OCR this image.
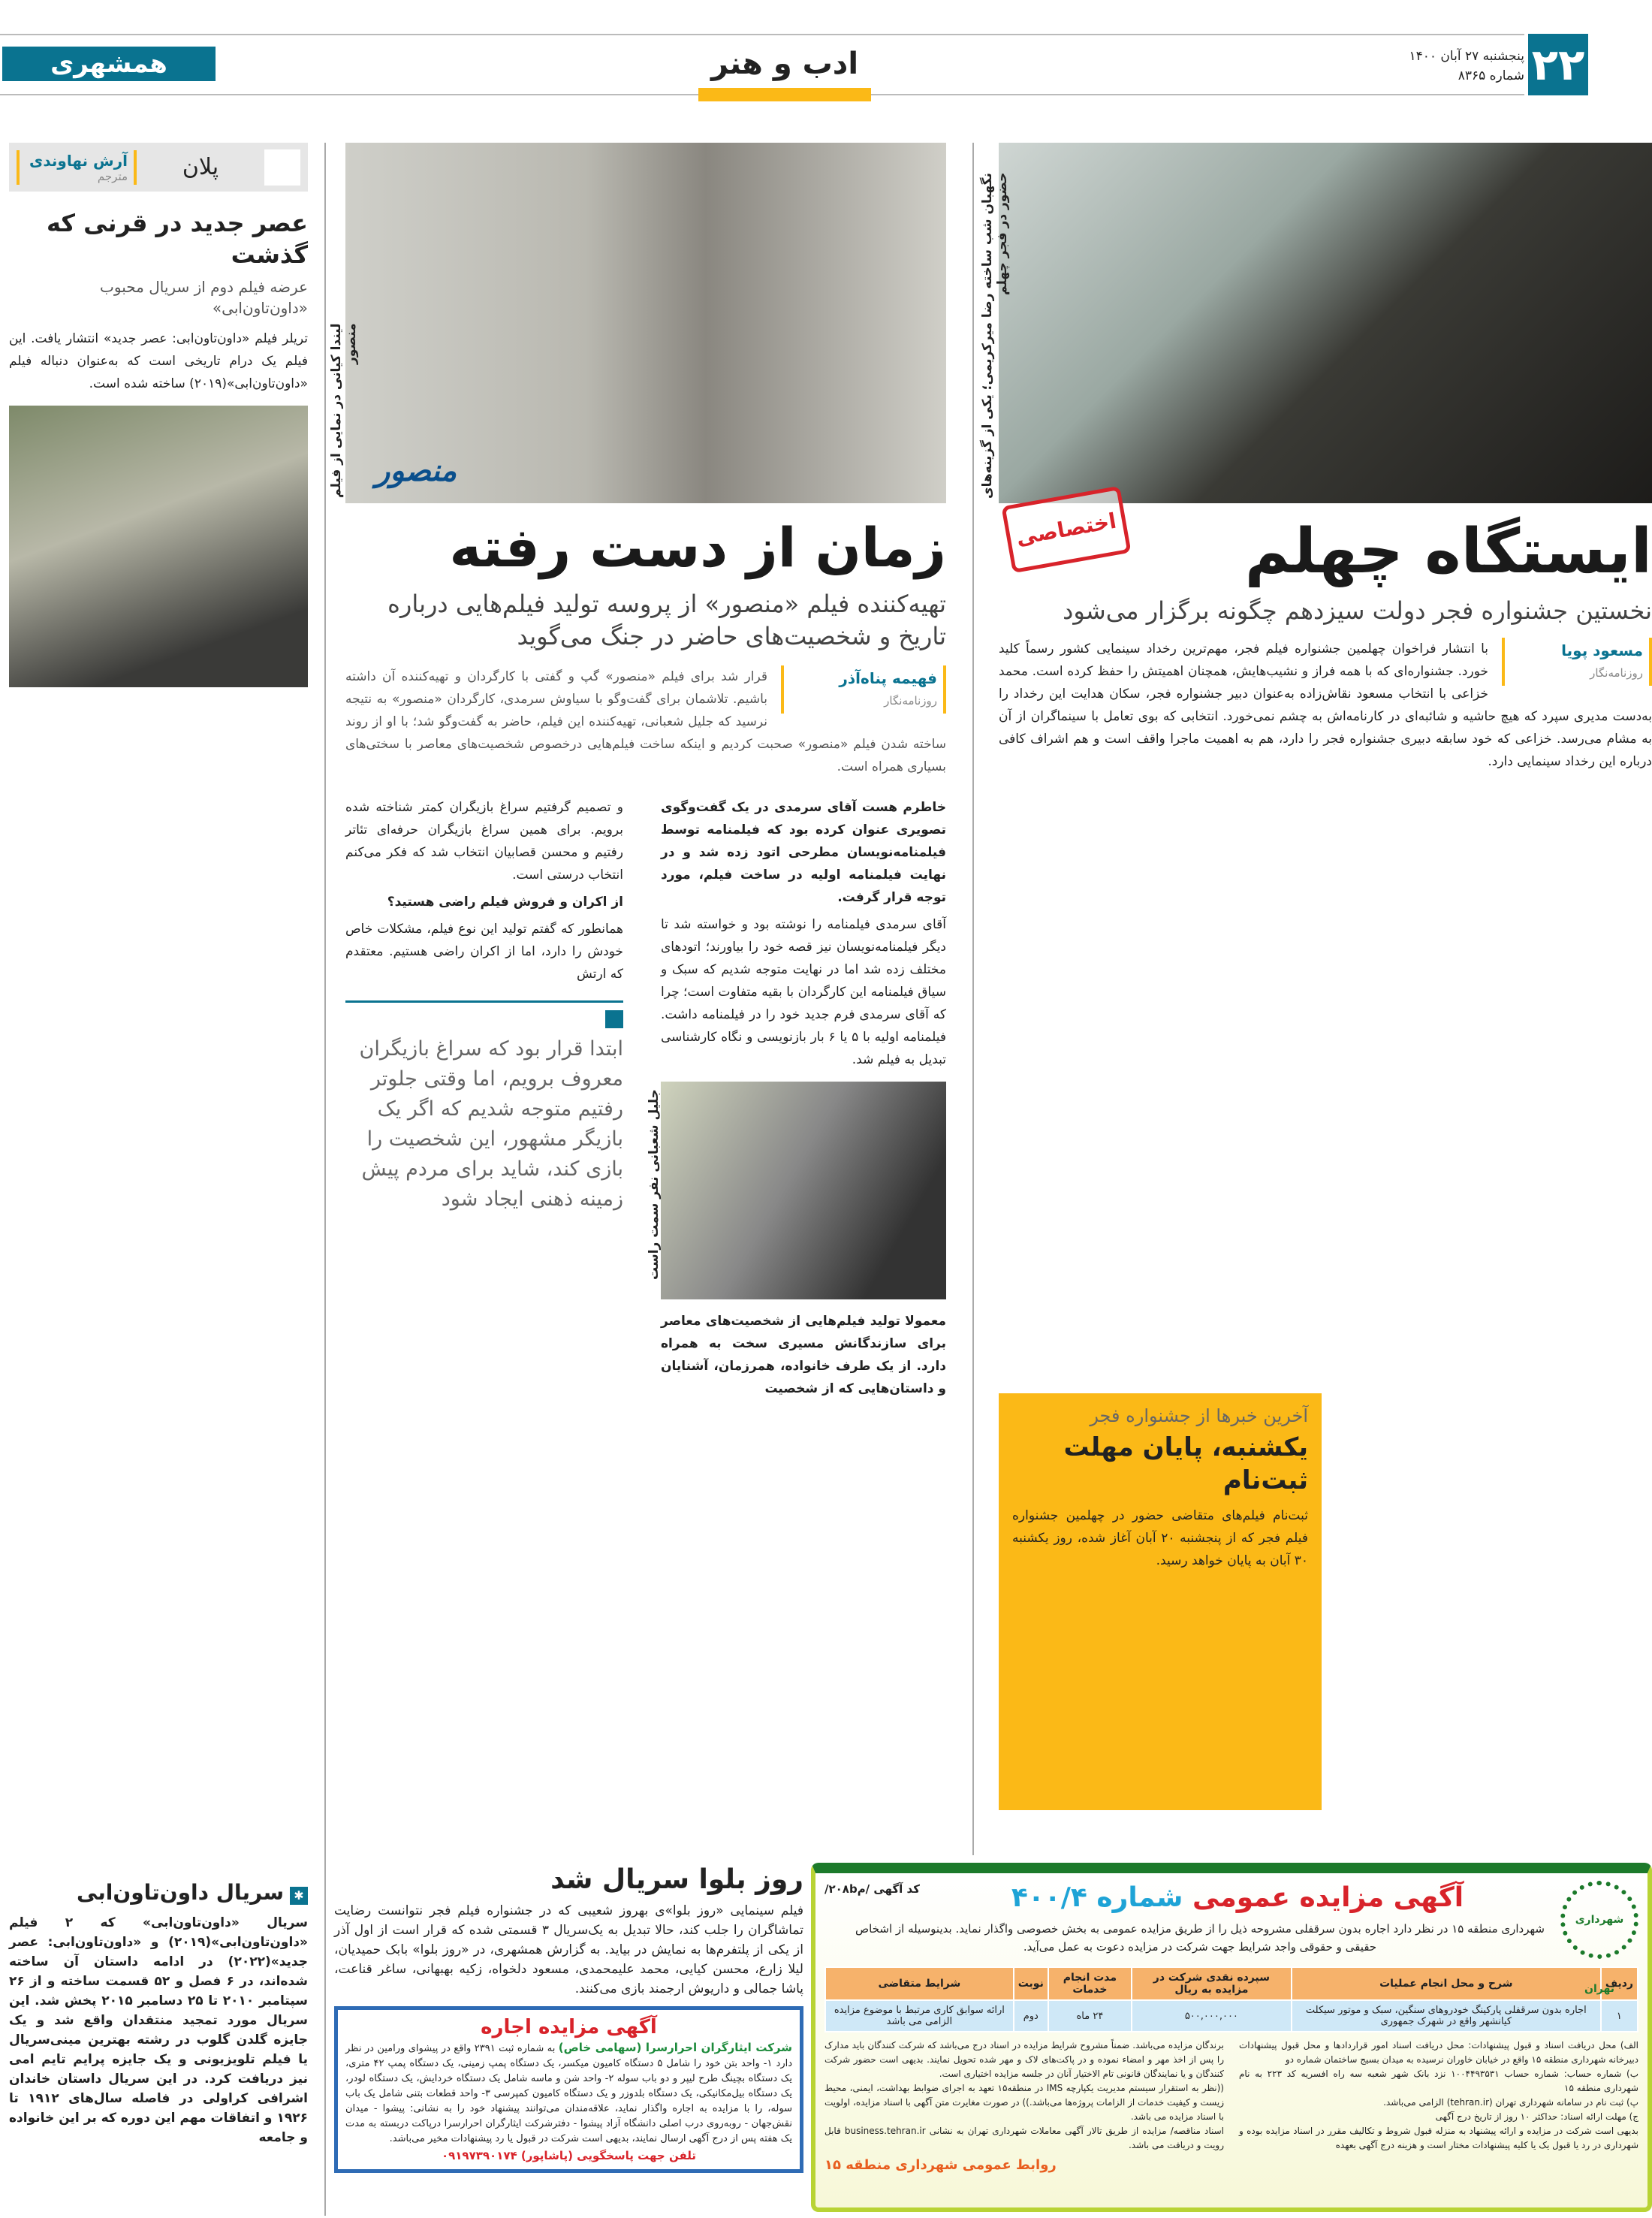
۲۲
پنجشنبه ۲۷ آبان ۱۴۰۰
شماره ۸۳۶۵
ادب و هنر
همشهری
نگهبان شب ساخته رضا میرکریمی؛ یکی از گزینه‌های حضور در فجر چهلم
ایستگاه چهلم
نخستین جشنواره فجر دولت سیزدهم چگونه برگزار می‌شود
مسعود پویا
روزنامه‌نگار
با انتشار فراخوان چهلمین جشنواره فیلم فجر، مهم‌ترین رخداد سینمایی کشور رسماً کلید خورد. جشنواره‌ای که با همه فراز و نشیب‌هایش، همچنان اهمیتش را حفظ کرده است. محمد خزاعی با انتخاب مسعود نقاش‌زاده به‌عنوان دبیر جشنواره فجر، سکان هدایت این رخداد را به‌دست مدیری سپرد که هیچ حاشیه و شائبه‌ای در کارنامه‌اش به چشم نمی‌خورد. انتخابی که بوی تعامل با سینماگران از آن به مشام می‌رسد. خزاعی که خود سابقه دبیری جشنواره فجر را دارد، هم به اهمیت ماجرا واقف است و هم اشراف کافی درباره این رخداد سینمایی دارد.
اختصاصی
آخرین خبرها از جشنواره فجر
یکشنبه، پایان مهلت ثبت‌نام
ثبت‌نام فیلم‌های متقاضی حضور در چهلمین جشنواره فیلم فجر که از پنجشنبه ۲۰ آبان آغاز شده، روز یکشنبه ۳۰ آبان به پایان خواهد رسید.
منصور
لیندا کیانی در نمایی از فیلم منصور
زمان از دست رفته
تهیه‌کننده فیلم «منصور» از پروسه تولید فیلم‌هایی درباره تاریخ و شخصیت‌های حاضر در جنگ می‌گوید
فهیمه پناه‌آذر
روزنامه‌نگار
قرار شد برای فیلم «منصور» گپ و گفتی با کارگردان و تهیه‌کننده آن داشته باشیم. تلاشمان برای گفت‌وگو با سیاوش سرمدی، کارگردان «منصور» به نتیجه نرسید که جلیل شعبانی، تهیه‌کننده این فیلم، حاضر به گفت‌وگو شد؛ با او از روند ساخته شدن فیلم «منصور» صحبت کردیم و اینکه ساخت فیلم‌هایی درخصوص شخصیت‌های معاصر با سختی‌های بسیاری همراه است.

خاطرم هست آقای سرمدی در یک گفت‌وگوی تصویری عنوان کرده بود که فیلمنامه توسط فیلمنامه‌نویسان مطرحی اتود زده شد و در نهایت فیلمنامه اولیه در ساخت فیلم، مورد توجه قرار گرفت.

آقای سرمدی فیلمنامه را نوشته بود و خواسته شد تا دیگر فیلمنامه‌نویسان نیز قصه خود را بیاورند؛ اتودهای مختلف زده شد اما در نهایت متوجه شدیم که سبک و سیاق فیلمنامه این کارگردان با بقیه متفاوت است؛ چرا که آقای سرمدی فرم جدید خود را در فیلمنامه داشت. فیلمنامه اولیه با ۵ یا ۶ بار بازنویسی و نگاه کارشناسی تبدیل به فیلم شد.

جلیل شعبانی نفر سمت راست

معمولا تولید فیلم‌هایی از شخصیت‌های معاصر برای سازندگانش مسیری سخت به همراه دارد. از یک طرف خانواده، همرزمان، آشنایان و داستان‌هایی که از شخصیت

و تصمیم گرفتیم سراغ بازیگران کمتر شناخته شده برویم. برای همین سراغ بازیگران حرفه‌ای تئاتر رفتیم و محسن قصابیان انتخاب شد که فکر می‌کنم انتخاب درستی است.

از اکران و فروش فیلم راضی هستید؟

همانطور که گفتم تولید این نوع فیلم، مشکلات خاص خودش را دارد، اما از اکران راضی هستیم. معتقدم که ارتش

ابتدا قرار بود که سراغ بازیگران معروف برویم، اما وقتی جلوتر رفتیم متوجه شدیم که اگر یک بازیگر مشهور، این شخصیت را بازی کند، شاید برای مردم پیش زمینه ذهنی ایجاد شود
پلان
آرش نهاوندی
مترجم
عصر جدید در قرنی که گذشت
عرضه فیلم دوم از سریال محبوب «داون‌تاون‌ابی»
تریلر فیلم «داون‌تاون‌ابی: عصر جدید» انتشار یافت. این فیلم یک درام تاریخی است که به‌عنوان دنباله فیلم «داون‌تاون‌ابی»(۲۰۱۹) ساخته شده است.
✱سریال داون‌تاون‌ابی
سریال «داون‌تاون‌ابی» که ۲ فیلم «داون‌تاون‌ابی»(۲۰۱۹) و «داون‌تاون‌ابی: عصر جدید»(۲۰۲۲) در ادامه داستان آن ساخته شده‌اند، در ۶ فصل و ۵۲ قسمت ساخته و از ۲۶ سپتامبر ۲۰۱۰ تا ۲۵ دسامبر ۲۰۱۵ پخش شد. این سریال مورد تمجید منتقدان واقع شد و یک جایزه گلدن گلوب در رشته بهترین مینی‌سریال یا فیلم تلویزیونی و یک جایزه پرایم تایم امی نیز دریافت کرد. در این سریال داستان خاندان اشرافی کراولی در فاصله سال‌های ۱۹۱۲ تا ۱۹۲۶ و اتفاقات مهم این دوره که بر این خانواده و جامعه
روز بلوا سریال شد
فیلم سینمایی «روز بلوا»ی بهروز شعیبی که در جشنواره فیلم فجر نتوانست رضایت تماشاگران را جلب کند، حالا تبدیل به یک‌سریال ۳ قسمتی شده که قرار است از اول آذر از یکی از پلتفرم‌ها به نمایش در بیاید. به گزارش همشهری، در «روز بلوا» بابک حمیدیان، لیلا زارع، محسن کیایی، محمد علیمحمدی، مسعود دلخواه، زکیه بهبهانی، ساغر قناعت، پاشا جمالی و داریوش ارجمند بازی می‌کنند.
آگهی مزایده اجاره
شرکت ایثارگران احرارسرا (سهامی خاص) به شماره ثبت ۲۳۹۱ واقع در پیشوای ورامین در نظر دارد ۱- واحد بتن خود را شامل ۵ دستگاه کامیون میکسر، یک دستگاه پمپ زمینی، یک دستگاه پمپ ۴۲ متری، یک دستگاه بچینگ طرح لیپر و دو باب سوله ۲- واحد شن و ماسه شامل یک دستگاه خردایش، یک دستگاه لودر، یک دستگاه بیل‌مکانیکی، یک دستگاه بلدوزر و یک دستگاه کامیون کمپرسی ۳- واحد قطعات بتنی شامل یک باب سوله، را با مزایده به اجاره واگذار نماید، علاقه‌مندان می‌توانند پیشنهاد خود را به نشانی: پیشوا - میدان نقش‌جهان - روبه‌روی درب اصلی دانشگاه آزاد پیشوا - دفترشرکت ایثارگران احرارسرا درپاکت دربسته به مدت یک هفته پس از درج آگهی ارسال نمایند، بدیهی است شرکت در قبول یا رد پیشنهادات مخیر می‌باشد.
تلفن جهت پاسخگویی (پاشاپور) ۰۹۱۹۷۳۹۰۱۷۴
شهرداری تهران
کد آگهی /م۲۰۸b/	آگهی مزایده عمومی شماره ۴۰۰/۴
شهرداری منطقه ۱۵ در نظر دارد اجاره بدون سرقفلی مشروحه ذیل را از طریق مزایده عمومی به بخش خصوصی واگذار نماید. بدینوسیله از اشخاص حقیقی و حقوقی واجد شرایط جهت شرکت در مزایده دعوت به عمل می‌آید.
ردیف	شرح و محل انجام عملیات	سپرده نقدی شرکت در مزایده به ریال	مدت انجام خدمات	نوبت	شرایط متقاضی
۱	اجاره بدون سرقفلی پارکینگ خودروهای سنگین، سبک و موتور سیکلت کیانشهر واقع در شهرک جمهوری	۵۰۰,۰۰۰,۰۰۰	۲۴ ماه	دوم	ارائه سوابق کاری مرتبط با موضوع مزایده الزامی می باشد

الف) محل دریافت اسناد و قبول پیشنهادات: محل دریافت اسناد امور قراردادها و محل قبول پیشنهادات دبیرخانه شهرداری منطقه ۱۵ واقع در خیابان خاوران نرسیده به میدان بسیج ساختمان شماره دو

ب) شماره حساب: شماره حساب ۱۰۰۴۴۹۳۵۳۱ نزد بانک شهر شعبه سه راه افسریه کد ۲۲۳ به نام شهرداری منطقه ۱۵

پ) ثبت نام در سامانه شهرداری تهران (tehran.ir) الزامی می‌باشد.

ج) مهلت ارائه اسناد: حداکثر ۱۰ روز از تاریخ درج آگهی

بدیهی است شرکت در مزایده و ارائه پیشنهاد به منزله قبول شروط و تکالیف مقرر در اسناد مزایده بوده و شهرداری در رد یا قبول یک یا کلیه پیشنهادات مختار است و هزینه درج آگهی بعهده

برندگان مزایده می‌باشد. ضمناً مشروح شرایط مزایده در اسناد درج می‌باشد که شرکت کنندگان باید مدارک را پس از اخذ مهر و امضاء نموده و در پاکت‌های لاک و مهر شده تحویل نمایند. بدیهی است حضور شرکت کنندگان و یا نمایندگان قانونی تام الاختیار آنان در جلسه مزایده اختیاری است.

((نظر به استقرار سیستم مدیریت یکپارچه IMS در منطقه۱۵ تعهد به اجرای ضوابط بهداشت، ایمنی، محیط زیست و کیفیت خدمات از الزامات پروژه‌ها می‌باشد.)) در صورت مغایرت متن آگهی با اسناد مزایده، اولویت با اسناد مزایده می باشد.

اسناد مناقصه/ مزایده از طریق تالار آگهی معاملات شهرداری تهران به نشانی business.tehran.ir قابل رویت و دریافت می باشد.

روابط عمومی شهرداری منطقه ۱۵
